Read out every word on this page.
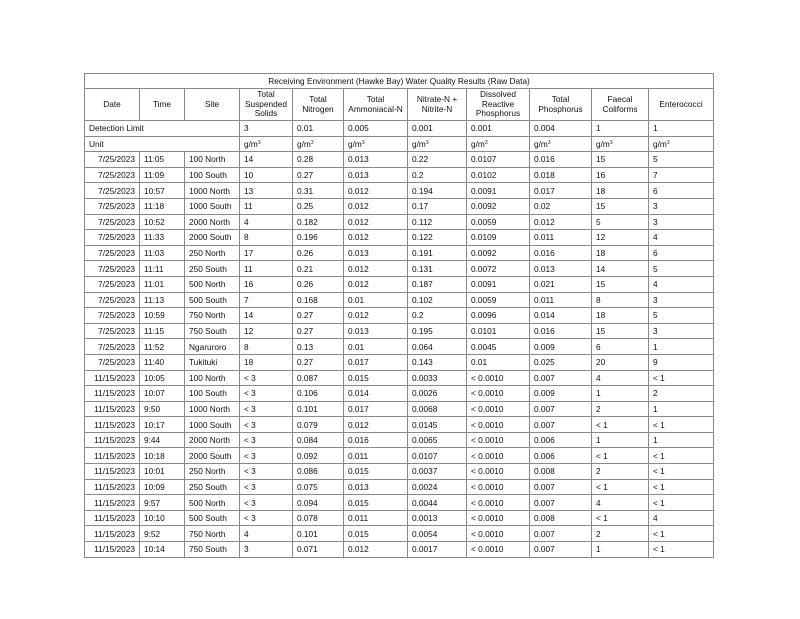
Receiving Environment (Hawke Bay) Water Quality Results (Raw Data)										
Date	Time	Site	Total Suspended Solids	Total Nitrogen	Total Ammoniacal-N	Nitrate-N + Nitrite-N	Dissolved Reactive Phosphorus	Total Phosphorus	Faecal Coliforms	Enterococci
Detection Limit			3	0.01	0.005	0.001	0.001	0.004	1	1
Unit			$g/m^3$	$g/m^3$	$g/m^3$	$g/m^3$	$g/m^3$	$g/m^3$	$g/m^3$	$g/m^3$
7/25/2023	11:05	100 North	14	0.28	0.013	0.22	0.0107	0.016	15	5
7/25/2023	11:09	100 South	10	0.27	0.013	0.2	0.0102	0.018	16	7
7/25/2023	10:57	1000 North	13	0.31	0.012	0.194	0.0091	0.017	18	6
7/25/2023	11:18	1000 South	11	0.25	0.012	0.17	0.0092	0.02	15	3
7/25/2023	10:52	2000 North	4	0.182	0.012	0.112	0.0059	0.012	5	3
7/25/2023	11:33	2000 South	8	0.196	0.012	0.122	0.0109	0.011	12	4
7/25/2023	11:03	250 North	17	0.26	0.013	0.191	0.0092	0.016	18	6
7/25/2023	11:11	250 South	11	0.21	0.012	0.131	0.0072	0.013	14	5
7/25/2023	11:01	500 North	16	0.26	0.012	0.187	0.0091	0.021	15	4
7/25/2023	11:13	500 South	7	0.168	0.01	0.102	0.0059	0.011	8	3
7/25/2023	10:59	750 North	14	0.27	0.012	0.2	0.0096	0.014	18	5
7/25/2023	11:15	750 South	12	0.27	0.013	0.195	0.0101	0.016	15	3
7/25/2023	11:52	Ngaruroro	8	0.13	0.01	0.064	0.0045	0.009	6	1
7/25/2023	11:40	Tukituki	18	0.27	0.017	0.143	0.01	0.025	20	9
11/15/2023	10:05	100 North	< 3	0.087	0.015	0.0033	< 0.0010	0.007	4	< 1
11/15/2023	10:07	100 South	< 3	0.106	0.014	0.0026	< 0.0010	0.009	1	2
11/15/2023	9:50	1000 North	< 3	0.101	0.017	0.0068	< 0.0010	0.007	2	1
11/15/2023	10:17	1000 South	< 3	0.079	0.012	0.0145	< 0.0010	0.007	< 1	< 1
11/15/2023	9:44	2000 North	< 3	0.084	0.016	0.0065	< 0.0010	0.006	1	1
11/15/2023	10:18	2000 South	< 3	0.092	0.011	0.0107	< 0.0010	0.006	< 1	< 1
11/15/2023	10:01	250 North	< 3	0.086	0.015	0.0037	< 0.0010	0.008	2	< 1
11/15/2023	10:09	250 South	< 3	0.075	0.013	0.0024	< 0.0010	0.007	< 1	< 1
11/15/2023	9:57	500 North	< 3	0.094	0.015	0.0044	< 0.0010	0.007	4	< 1
11/15/2023	10:10	500 South	< 3	0.078	0.011	0.0013	< 0.0010	0.008	< 1	4
11/15/2023	9:52	750 North	4	0.101	0.015	0.0054	< 0.0010	0.007	2	< 1
11/15/2023	10:14	750 South	3	0.071	0.012	0.0017	< 0.0010	0.007	1	< 1
